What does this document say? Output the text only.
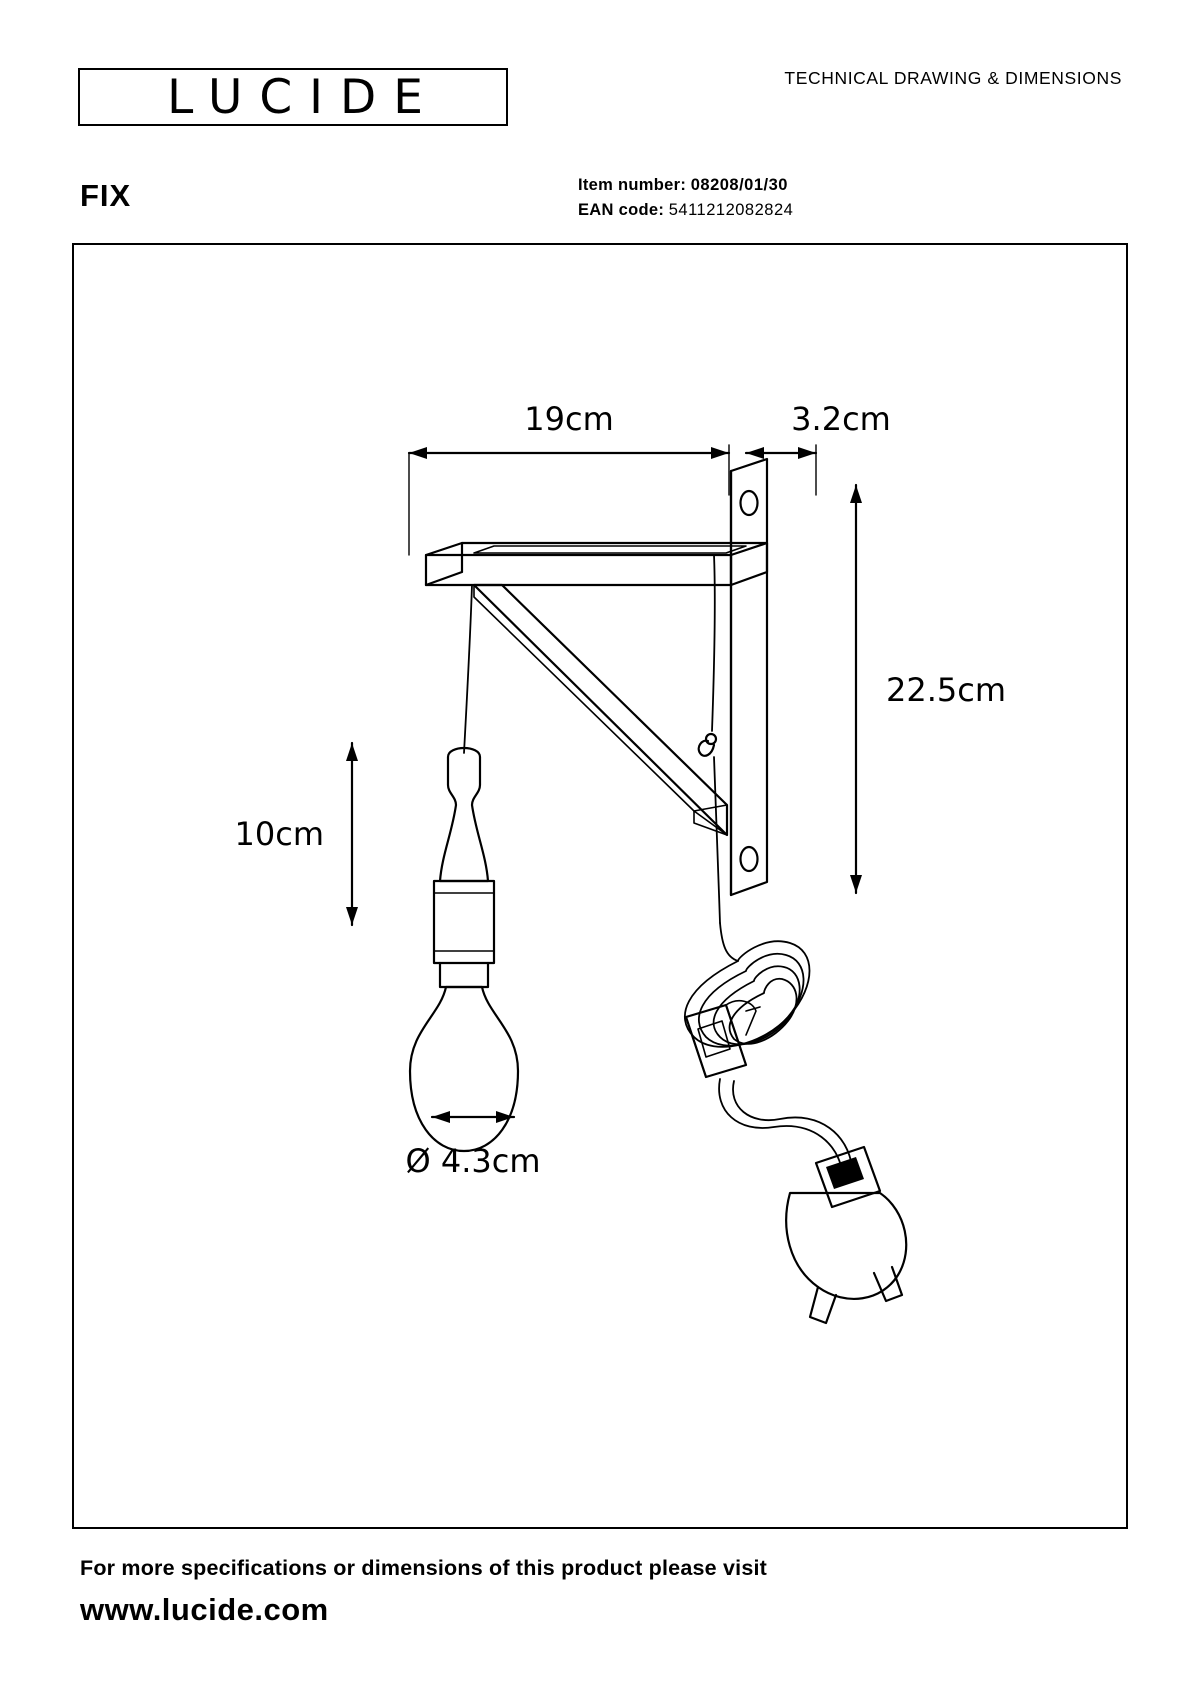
LUCIDE	TECHNICAL DRAWING & DIMENSIONS
FIX	Item number: 08208/01/30
EAN code: 5411212082824
19cm	3.2cm
22.5cm
10cm
Ø 4.3cm
For more specifications or dimensions of this product please visit
www.lucide.com
